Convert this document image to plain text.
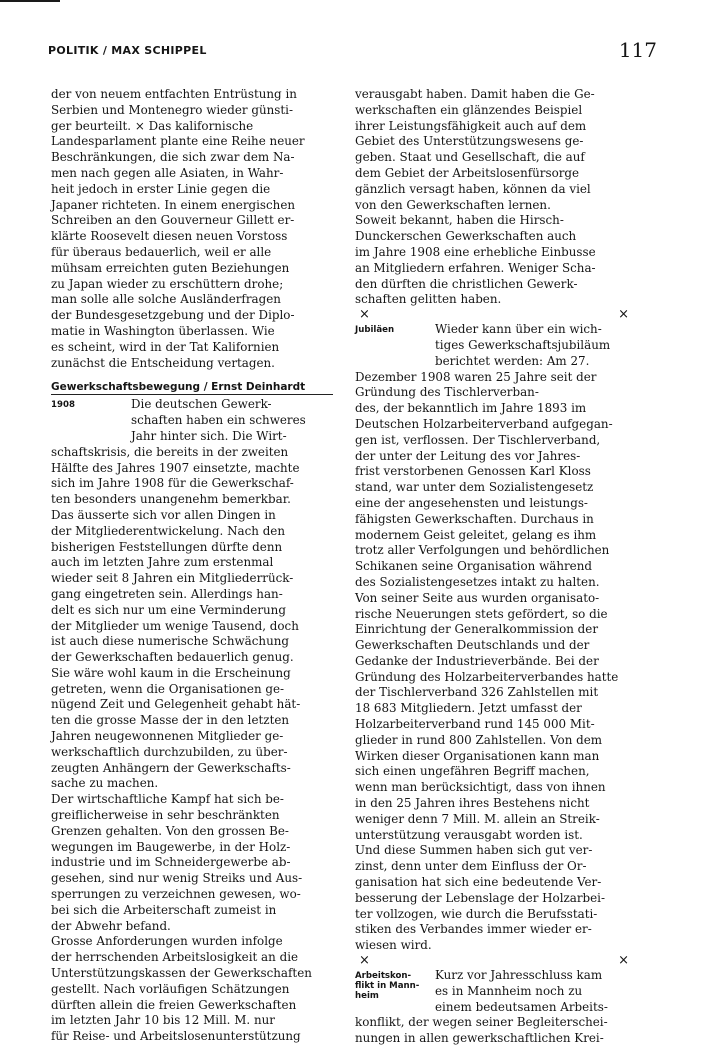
POLITIK / MAX SCHIPPEL	117
der von neuem entfachten Entrüstung in
Serbien und Montenegro wieder günsti-
ger beurteilt. × Das kalifornische
Landesparlament plante eine Reihe neuer
Beschränkungen, die sich zwar dem Na-
men nach gegen alle Asiaten, in Wahr-
heit jedoch in erster Linie gegen die
Japaner richteten. In einem energischen
Schreiben an den Gouverneur Gillett er-
klärte Roosevelt diesen neuen Vorstoss
für überaus bedauerlich, weil er alle
mühsam erreichten guten Beziehungen
zu Japan wieder zu erschüttern drohe;
man solle alle solche Ausländerfragen
der Bundesgesetzgebung und der Diplo-
matie in Washington überlassen. Wie
es scheint, wird in der Tat Kalifornien
zunächst die Entscheidung vertagen.
Gewerkschaftsbewegung / Ernst Deinhardt
1908	Die deutschen Gewerk-
schaften haben ein schweres
Jahr hinter sich. Die Wirt-
schaftskrisis, die bereits in der zweiten
Hälfte des Jahres 1907 einsetzte, machte
sich im Jahre 1908 für die Gewerkschaf-
ten besonders unangenehm bemerkbar.
Das äusserte sich vor allen Dingen in
der Mitgliederentwickelung. Nach den
bisherigen Feststellungen dürfte denn
auch im letzten Jahre zum erstenmal
wieder seit 8 Jahren ein Mitgliederrück-
gang eingetreten sein. Allerdings han-
delt es sich nur um eine Verminderung
der Mitglieder um wenige Tausend, doch
ist auch diese numerische Schwächung
der Gewerkschaften bedauerlich genug.
Sie wäre wohl kaum in die Erscheinung
getreten, wenn die Organisationen ge-
nügend Zeit und Gelegenheit gehabt hät-
ten die grosse Masse der in den letzten
Jahren neugewonnenen Mitglieder ge-
werkschaftlich durchzubilden, zu über-
zeugten Anhängern der Gewerkschafts-
sache zu machen.
Der wirtschaftliche Kampf hat sich be-
greiflicherweise in sehr beschränkten
Grenzen gehalten. Von den grossen Be-
wegungen im Baugewerbe, in der Holz-
industrie und im Schneidergewerbe ab-
gesehen, sind nur wenig Streiks und Aus-
sperrungen zu verzeichnen gewesen, wo-
bei sich die Arbeiterschaft zumeist in
der Abwehr befand.
Grosse Anforderungen wurden infolge
der herrschenden Arbeitslosigkeit an die
Unterstützungskassen der Gewerkschaften
gestellt. Nach vorläufigen Schätzungen
dürften allein die freien Gewerkschaften
im letzten Jahr 10 bis 12 Mill. M. nur
für Reise- und Arbeitslosenunterstützung
verausgabt haben. Damit haben die Ge-
werkschaften ein glänzendes Beispiel
ihrer Leistungsfähigkeit auch auf dem
Gebiet des Unterstützungswesens ge-
geben. Staat und Gesellschaft, die auf
dem Gebiet der Arbeitslosenfürsorge
gänzlich versagt haben, können da viel
von den Gewerkschaften lernen.
Soweit bekannt, haben die Hirsch-
Dunckerschen Gewerkschaften auch
im Jahre 1908 eine erhebliche Einbusse
an Mitgliedern erfahren. Weniger Scha-
den dürften die christlichen Gewerk-
schaften gelitten haben.
×	×
Jubiläen	Wieder kann über ein wich-
tiges Gewerkschaftsjubiläum
berichtet werden: Am 27.
Dezember 1908 waren 25 Jahre seit der
Gründung des Tischlerverban-
des, der bekanntlich im Jahre 1893 im
Deutschen Holzarbeiterverband aufgegan-
gen ist, verflossen. Der Tischlerverband,
der unter der Leitung des vor Jahres-
frist verstorbenen Genossen Karl Kloss
stand, war unter dem Sozialistengesetz
eine der angesehensten und leistungs-
fähigsten Gewerkschaften. Durchaus in
modernem Geist geleitet, gelang es ihm
trotz aller Verfolgungen und behördlichen
Schikanen seine Organisation während
des Sozialistengesetzes intakt zu halten.
Von seiner Seite aus wurden organisato-
rische Neuerungen stets gefördert, so die
Einrichtung der Generalkommission der
Gewerkschaften Deutschlands und der
Gedanke der Industrieverbände. Bei der
Gründung des Holzarbeiterverbandes hatte
der Tischlerverband 326 Zahlstellen mit
18 683 Mitgliedern. Jetzt umfasst der
Holzarbeiterverband rund 145 000 Mit-
glieder in rund 800 Zahlstellen. Von dem
Wirken dieser Organisationen kann man
sich einen ungefähren Begriff machen,
wenn man berücksichtigt, dass von ihnen
in den 25 Jahren ihres Bestehens nicht
weniger denn 7 Mill. M. allein an Streik-
unterstützung verausgabt worden ist.
Und diese Summen haben sich gut ver-
zinst, denn unter dem Einfluss der Or-
ganisation hat sich eine bedeutende Ver-
besserung der Lebenslage der Holzarbei-
ter vollzogen, wie durch die Berufsstati-
stiken des Verbandes immer wieder er-
wiesen wird.
×	×
Arbeitskon-
flikt in Mann-
heim
Kurz vor Jahresschluss kam
es in Mannheim noch zu
einem bedeutsamen Arbeits-
konflikt, der wegen seiner Begleiterschei-
nungen in allen gewerkschaftlichen Krei-
